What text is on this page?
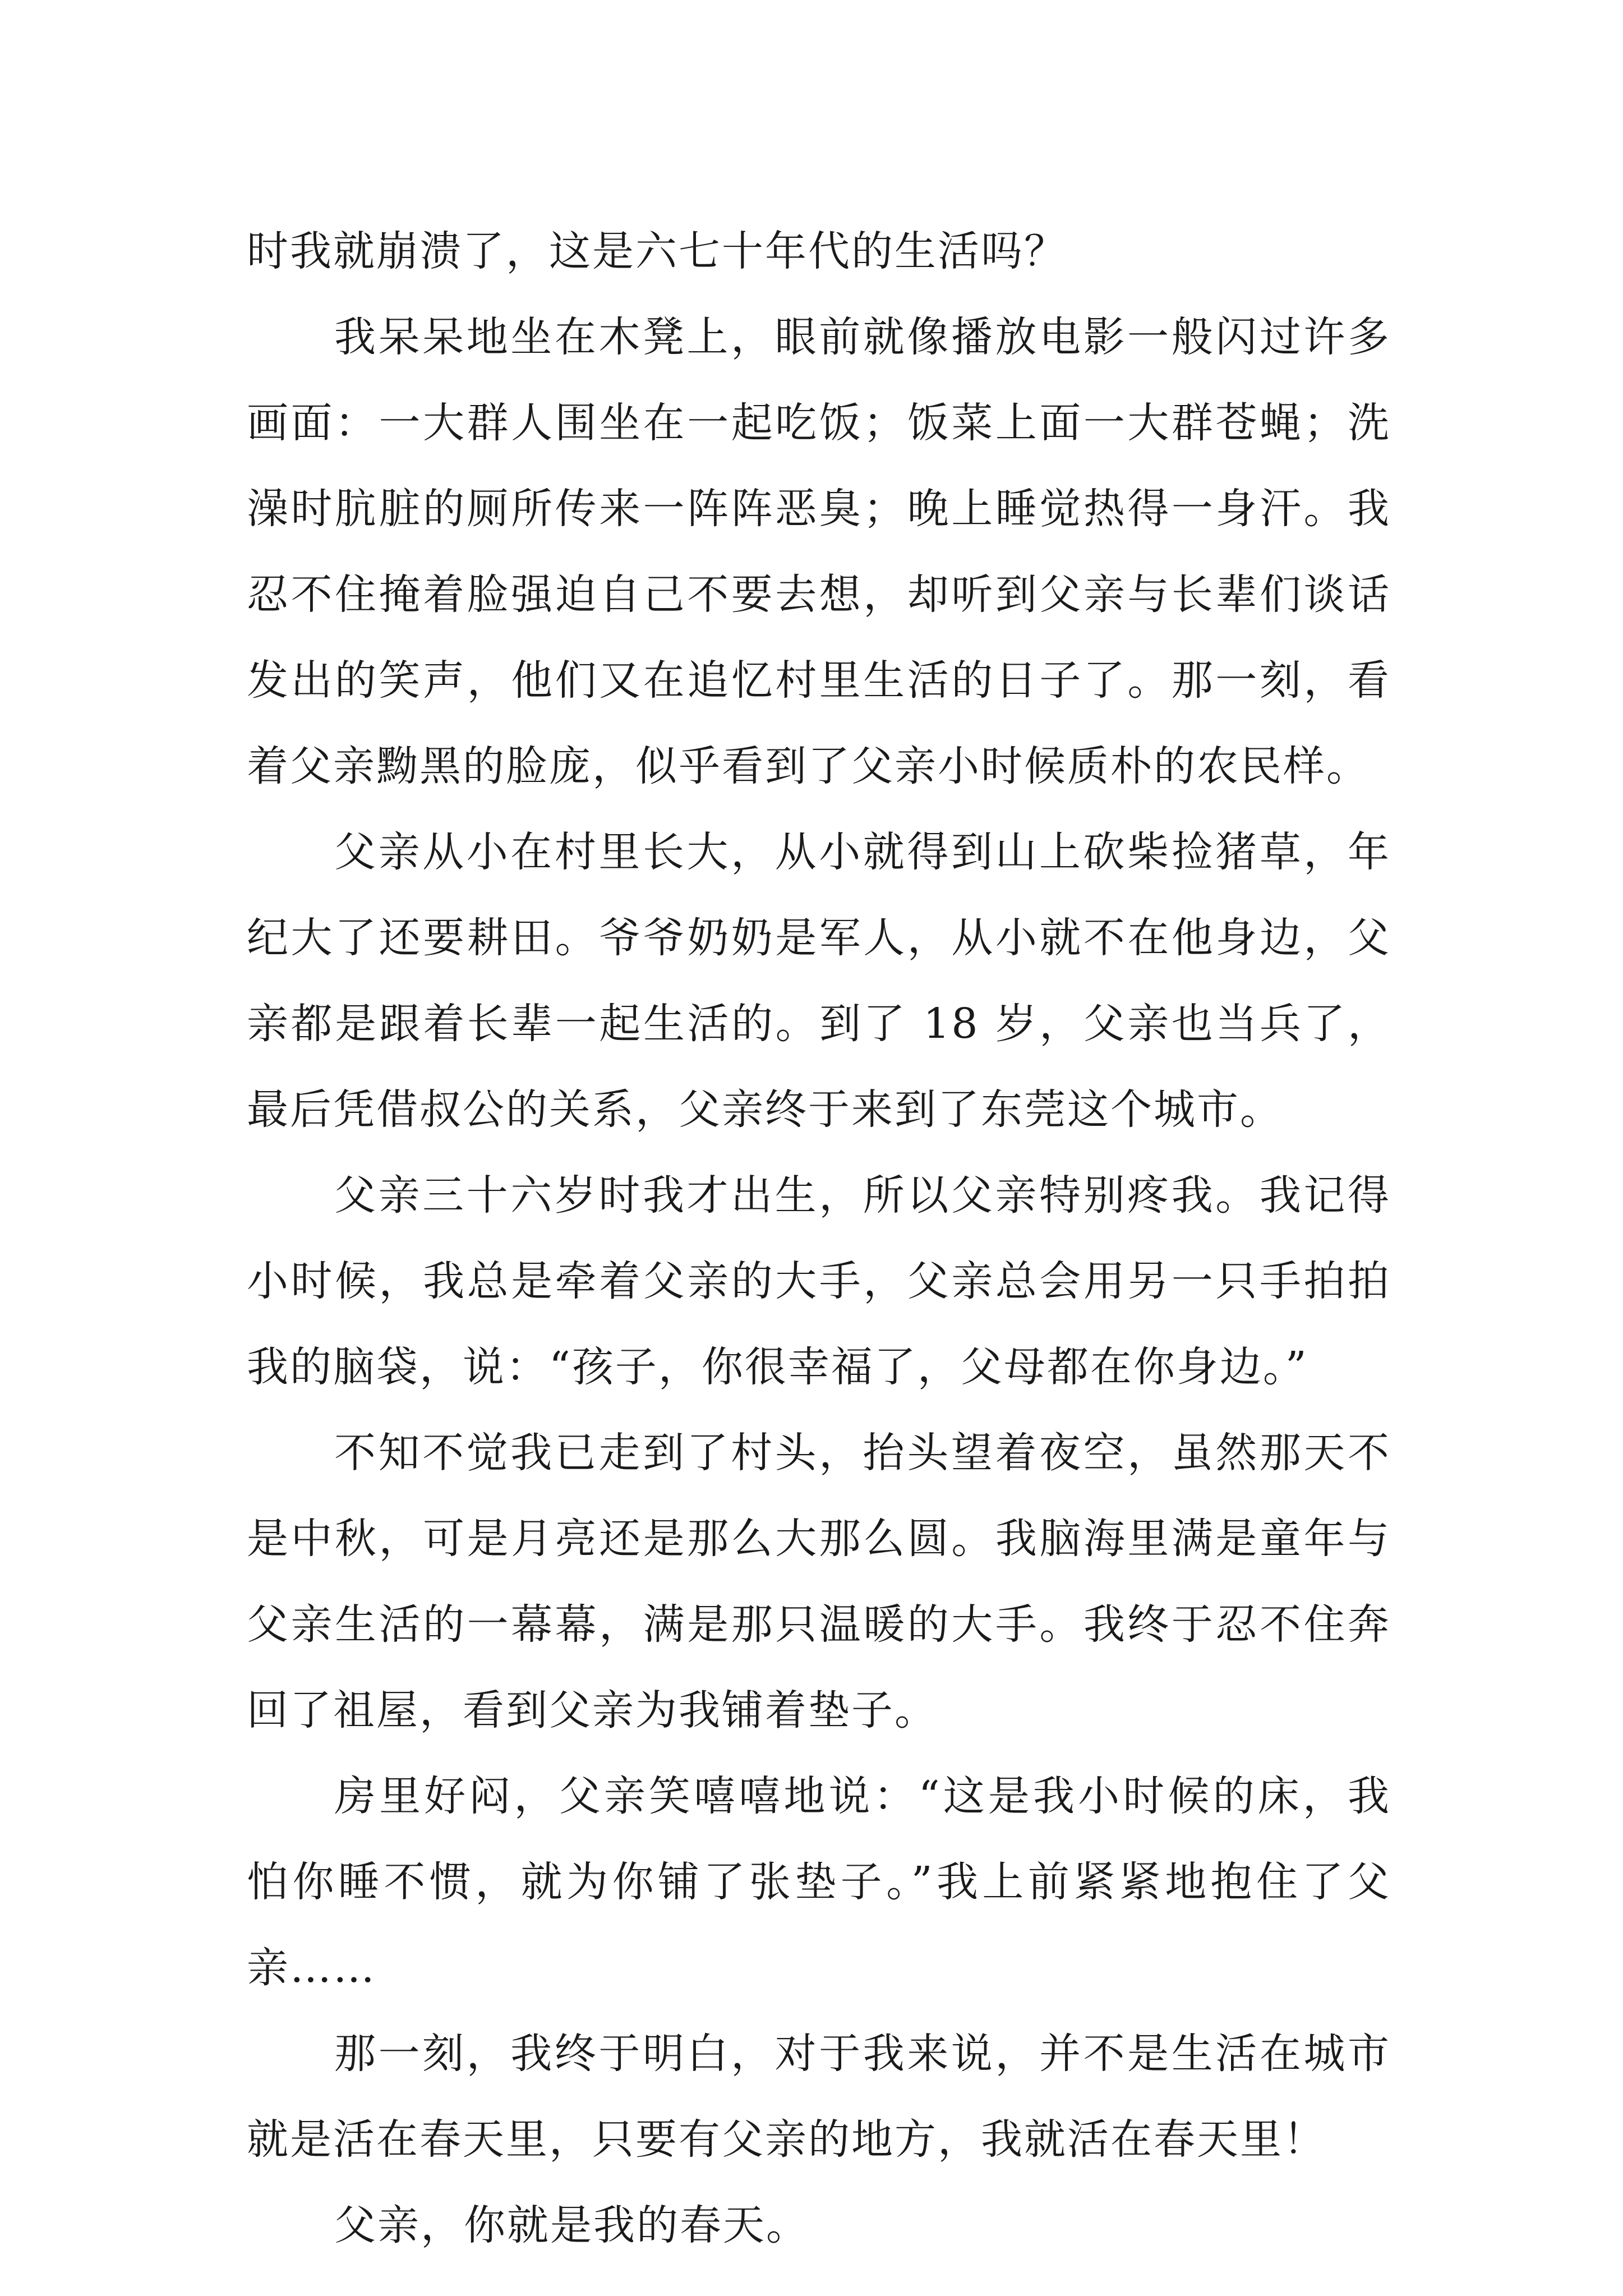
时我就崩溃了，这是六七十年代的生活吗？

我呆呆地坐在木凳上，眼前就像播放电影一般闪过许多画面：一大群人围坐在一起吃饭；饭菜上面一大群苍蝇；洗澡时肮脏的厕所传来一阵阵恶臭；晚上睡觉热得一身汗。我忍不住掩着脸强迫自己不要去想，却听到父亲与长辈们谈话发出的笑声，他们又在追忆村里生活的日子了。那一刻，看着父亲黝黑的脸庞，似乎看到了父亲小时候质朴的农民样。

父亲从小在村里长大，从小就得到山上砍柴捡猪草，年纪大了还要耕田。爷爷奶奶是军人，从小就不在他身边，父亲都是跟着长辈一起生活的。到了 18 岁，父亲也当兵了，最后凭借叔公的关系，父亲终于来到了东莞这个城市。

父亲三十六岁时我才出生，所以父亲特别疼我。我记得小时候，我总是牵着父亲的大手，父亲总会用另一只手拍拍我的脑袋，说：“孩子，你很幸福了，父母都在你身边。”

不知不觉我已走到了村头，抬头望着夜空，虽然那天不是中秋，可是月亮还是那么大那么圆。我脑海里满是童年与父亲生活的一幕幕，满是那只温暖的大手。我终于忍不住奔回了祖屋，看到父亲为我铺着垫子。

房里好闷，父亲笑嘻嘻地说：“这是我小时候的床，我怕你睡不惯，就为你铺了张垫子。”我上前紧紧地抱住了父亲……

那一刻，我终于明白，对于我来说，并不是生活在城市就是活在春天里，只要有父亲的地方，我就活在春天里！

父亲，你就是我的春天。
